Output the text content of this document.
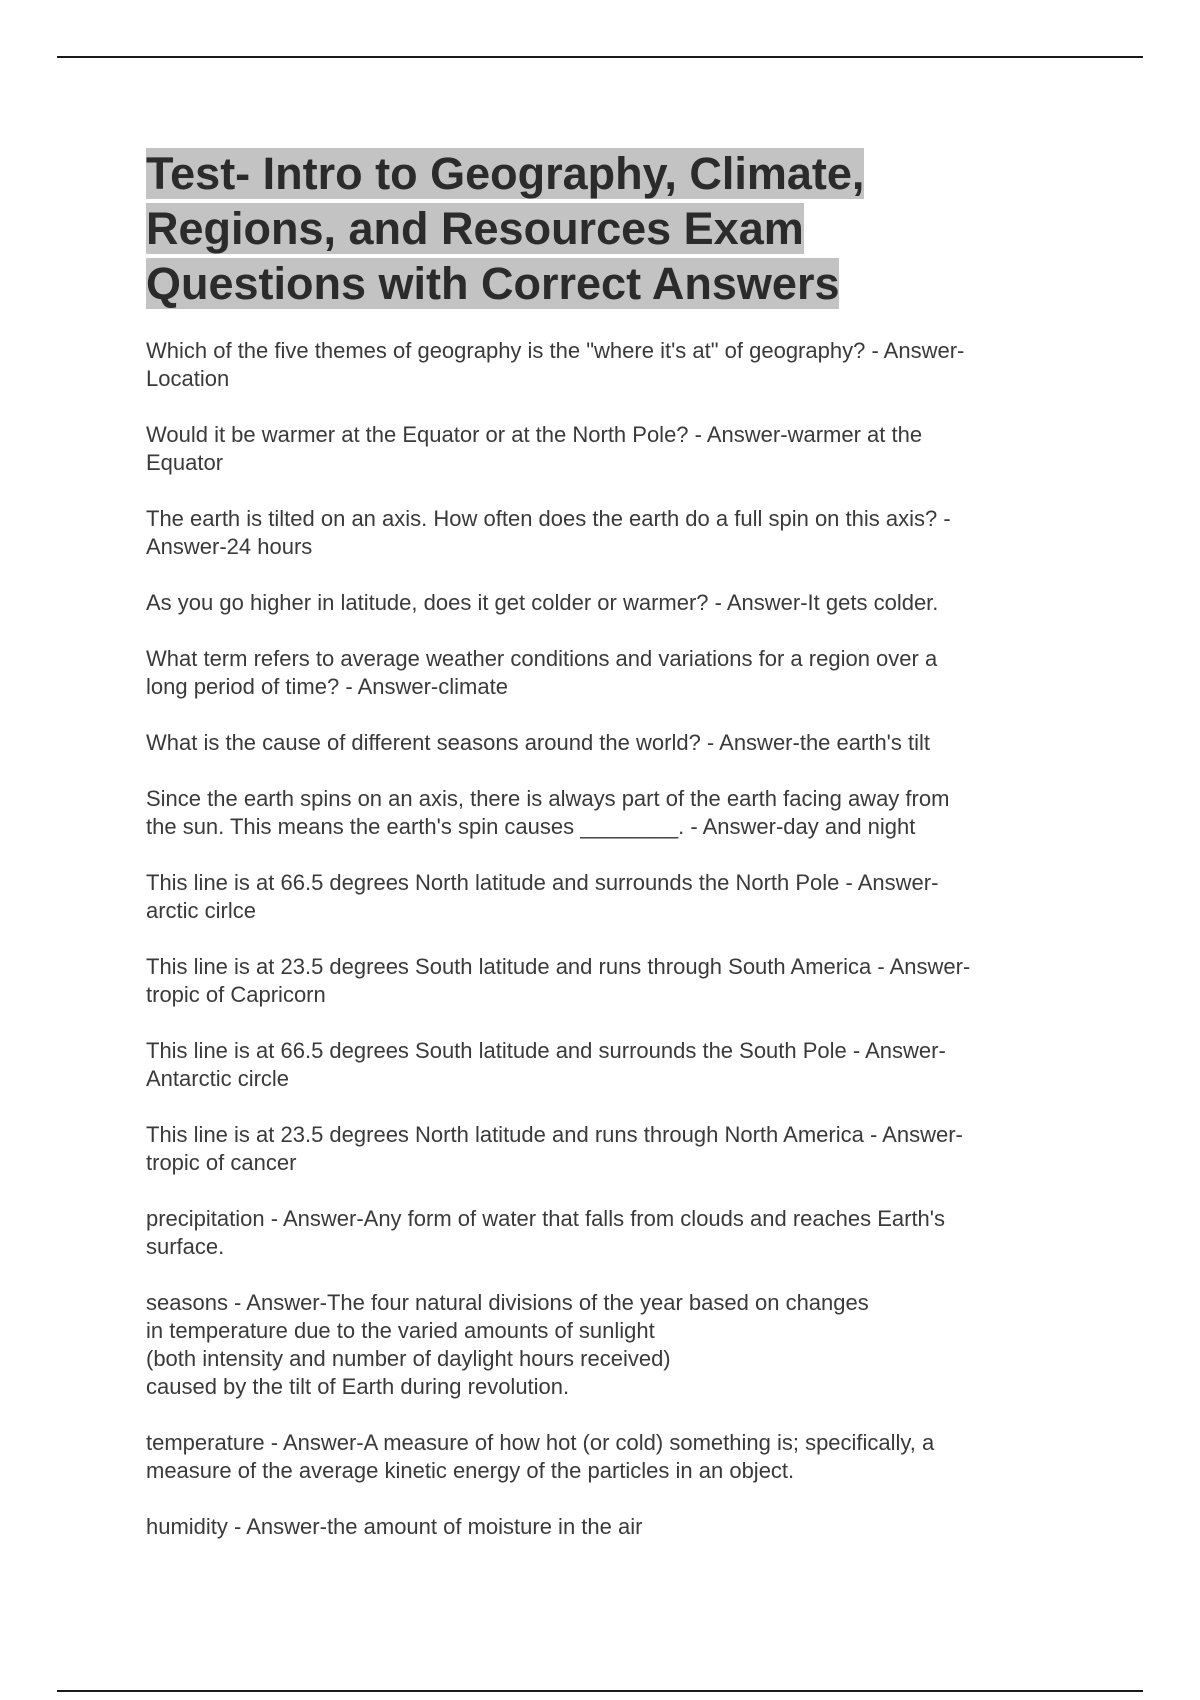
Test- Intro to Geography, Climate, Regions, and Resources Exam Questions with Correct Answers

Which of the five themes of geography is the "where it's at" of geography? - Answer-
Location

Would it be warmer at the Equator or at the North Pole? - Answer-warmer at the
Equator

The earth is tilted on an axis. How often does the earth do a full spin on this axis? -
Answer-24 hours

As you go higher in latitude, does it get colder or warmer? - Answer-It gets colder.

What term refers to average weather conditions and variations for a region over a
long period of time? - Answer-climate

What is the cause of different seasons around the world? - Answer-the earth's tilt

Since the earth spins on an axis, there is always part of the earth facing away from
the sun. This means the earth's spin causes ________. - Answer-day and night

This line is at 66.5 degrees North latitude and surrounds the North Pole - Answer-
arctic cirlce

This line is at 23.5 degrees South latitude and runs through South America - Answer-
tropic of Capricorn

This line is at 66.5 degrees South latitude and surrounds the South Pole - Answer-
Antarctic circle

This line is at 23.5 degrees North latitude and runs through North America - Answer-
tropic of cancer

precipitation - Answer-Any form of water that falls from clouds and reaches Earth's
surface.

seasons - Answer-The four natural divisions of the year based on changes
in temperature due to the varied amounts of sunlight
(both intensity and number of daylight hours received)
caused by the tilt of Earth during revolution.

temperature - Answer-A measure of how hot (or cold) something is; specifically, a
measure of the average kinetic energy of the particles in an object.

humidity - Answer-the amount of moisture in the air
